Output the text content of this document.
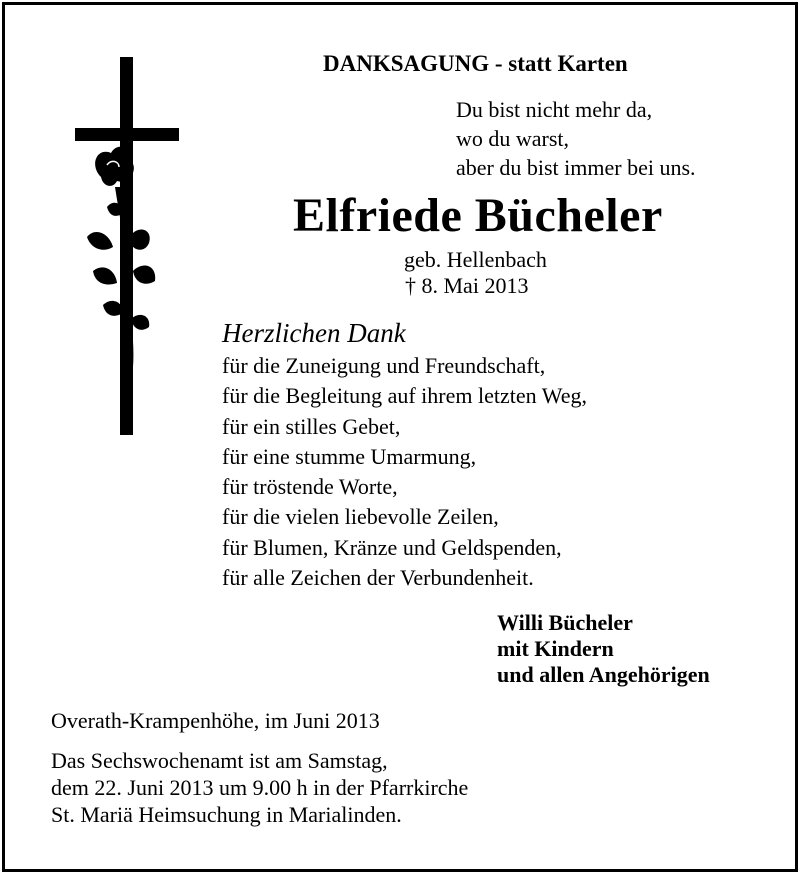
DANKSAGUNG - statt Karten
Du bist nicht mehr da,
wo du warst,
aber du bist immer bei uns.
Elfriede Bücheler
geb. Hellenbach
† 8. Mai 2013
Herzlichen Dank
für die Zuneigung und Freundschaft,
für die Begleitung auf ihrem letzten Weg,
für ein stilles Gebet,
für eine stumme Umarmung,
für tröstende Worte,
für die vielen liebevolle Zeilen,
für Blumen, Kränze und Geldspenden,
für alle Zeichen der Verbundenheit.
Willi Bücheler
mit Kindern
und allen Angehörigen
Overath-Krampenhöhe, im Juni 2013
Das Sechswochenamt ist am Samstag,
dem 22. Juni 2013 um 9.00 h in der Pfarrkirche
St. Mariä Heimsuchung in Marialinden.
